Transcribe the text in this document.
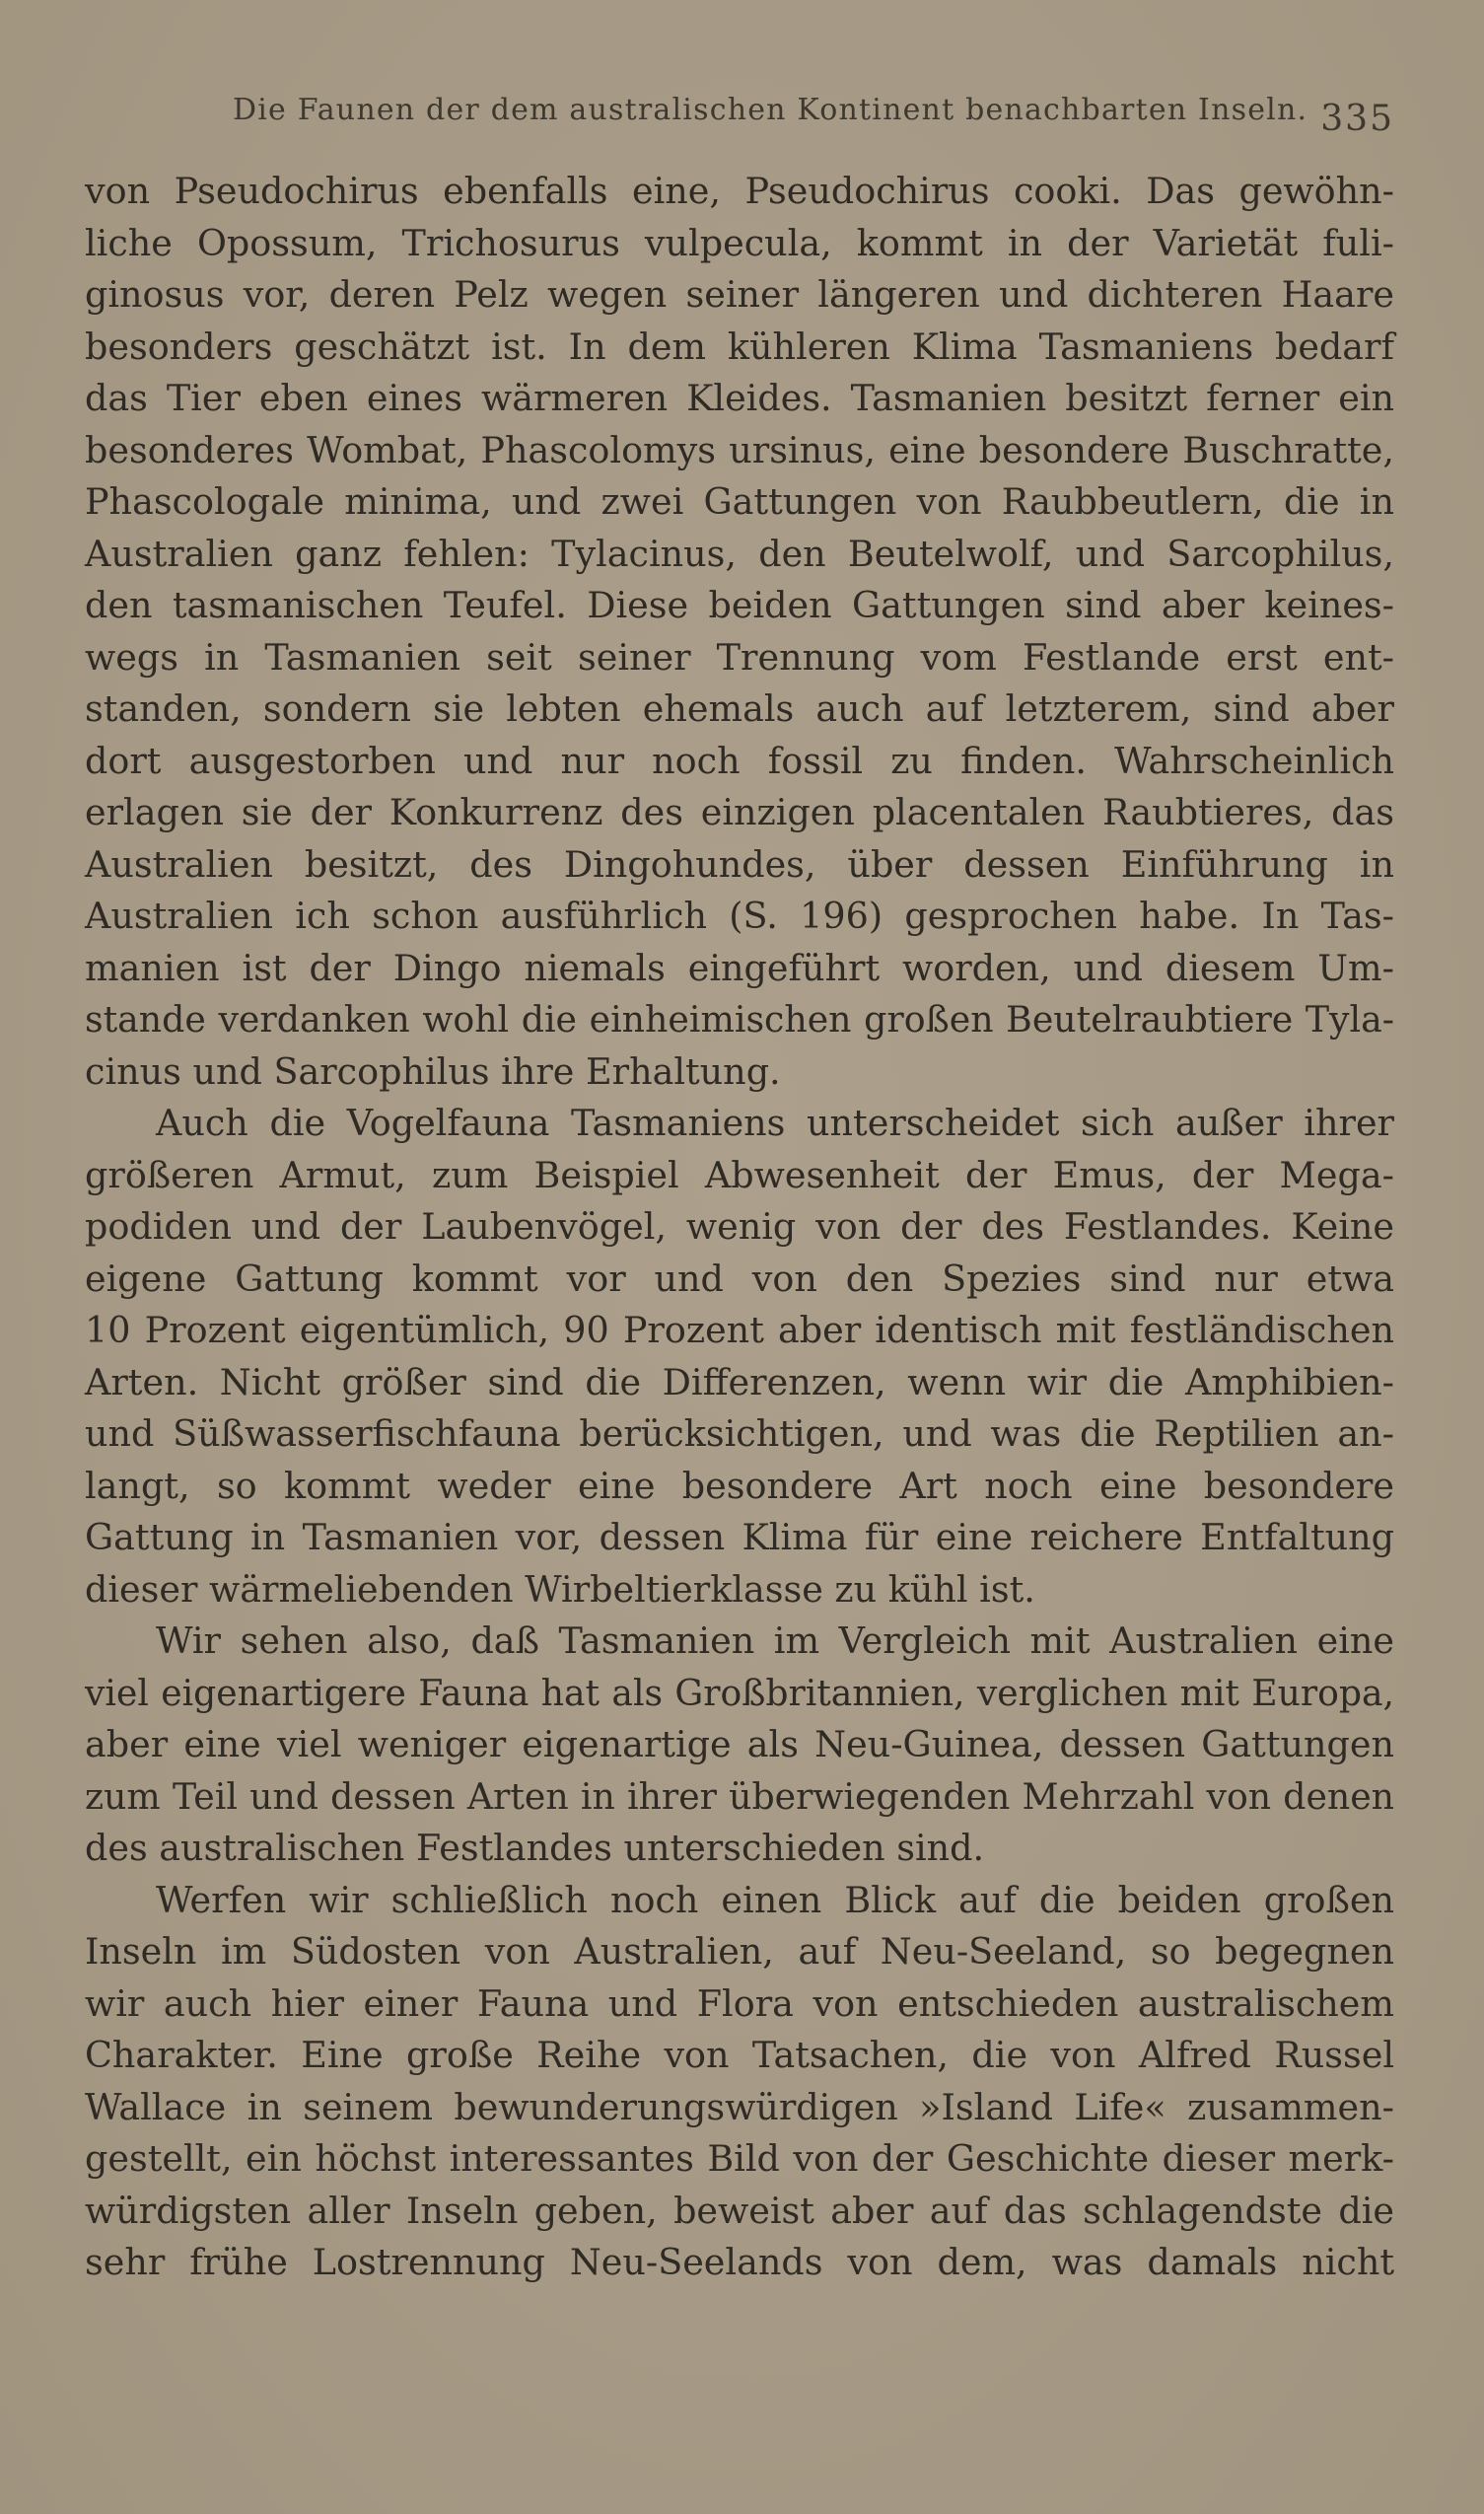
Die Faunen der dem australischen Kontinent benachbarten Inseln. 335
von Pseudochirus ebenfalls eine, Pseudochirus cooki. Das gewöhn-
liche Opossum, Trichosurus vulpecula, kommt in der Varietät fuli-
ginosus vor, deren Pelz wegen seiner längeren und dichteren Haare
besonders geschätzt ist. In dem kühleren Klima Tasmaniens bedarf
das Tier eben eines wärmeren Kleides. Tasmanien besitzt ferner ein
besonderes Wombat, Phascolomys ursinus, eine besondere Buschratte,
Phascologale minima, und zwei Gattungen von Raubbeutlern, die in
Australien ganz fehlen: Tylacinus, den Beutelwolf, und Sarcophilus,
den tasmanischen Teufel. Diese beiden Gattungen sind aber keines-
wegs in Tasmanien seit seiner Trennung vom Festlande erst ent-
standen, sondern sie lebten ehemals auch auf letzterem, sind aber
dort ausgestorben und nur noch fossil zu finden. Wahrscheinlich
erlagen sie der Konkurrenz des einzigen placentalen Raubtieres, das
Australien besitzt, des Dingohundes, über dessen Einführung in
Australien ich schon ausführlich (S. 196) gesprochen habe. In Tas-
manien ist der Dingo niemals eingeführt worden, und diesem Um-
stande verdanken wohl die einheimischen großen Beutelraubtiere Tyla-
cinus und Sarcophilus ihre Erhaltung.
Auch die Vogelfauna Tasmaniens unterscheidet sich außer ihrer
größeren Armut, zum Beispiel Abwesenheit der Emus, der Mega-
podiden und der Laubenvögel, wenig von der des Festlandes. Keine
eigene Gattung kommt vor und von den Spezies sind nur etwa
10 Prozent eigentümlich, 90 Prozent aber identisch mit festländischen
Arten. Nicht größer sind die Differenzen, wenn wir die Amphibien-
und Süßwasserfischfauna berücksichtigen, und was die Reptilien an-
langt, so kommt weder eine besondere Art noch eine besondere
Gattung in Tasmanien vor, dessen Klima für eine reichere Entfaltung
dieser wärmeliebenden Wirbeltierklasse zu kühl ist.
Wir sehen also, daß Tasmanien im Vergleich mit Australien eine
viel eigenartigere Fauna hat als Großbritannien, verglichen mit Europa,
aber eine viel weniger eigenartige als Neu-Guinea, dessen Gattungen
zum Teil und dessen Arten in ihrer überwiegenden Mehrzahl von denen
des australischen Festlandes unterschieden sind.
Werfen wir schließlich noch einen Blick auf die beiden großen
Inseln im Südosten von Australien, auf Neu-Seeland, so begegnen
wir auch hier einer Fauna und Flora von entschieden australischem
Charakter. Eine große Reihe von Tatsachen, die von Alfred Russel
Wallace in seinem bewunderungswürdigen »Island Life« zusammen-
gestellt, ein höchst interessantes Bild von der Geschichte dieser merk-
würdigsten aller Inseln geben, beweist aber auf das schlagendste die
sehr frühe Lostrennung Neu-Seelands von dem, was damals nicht
